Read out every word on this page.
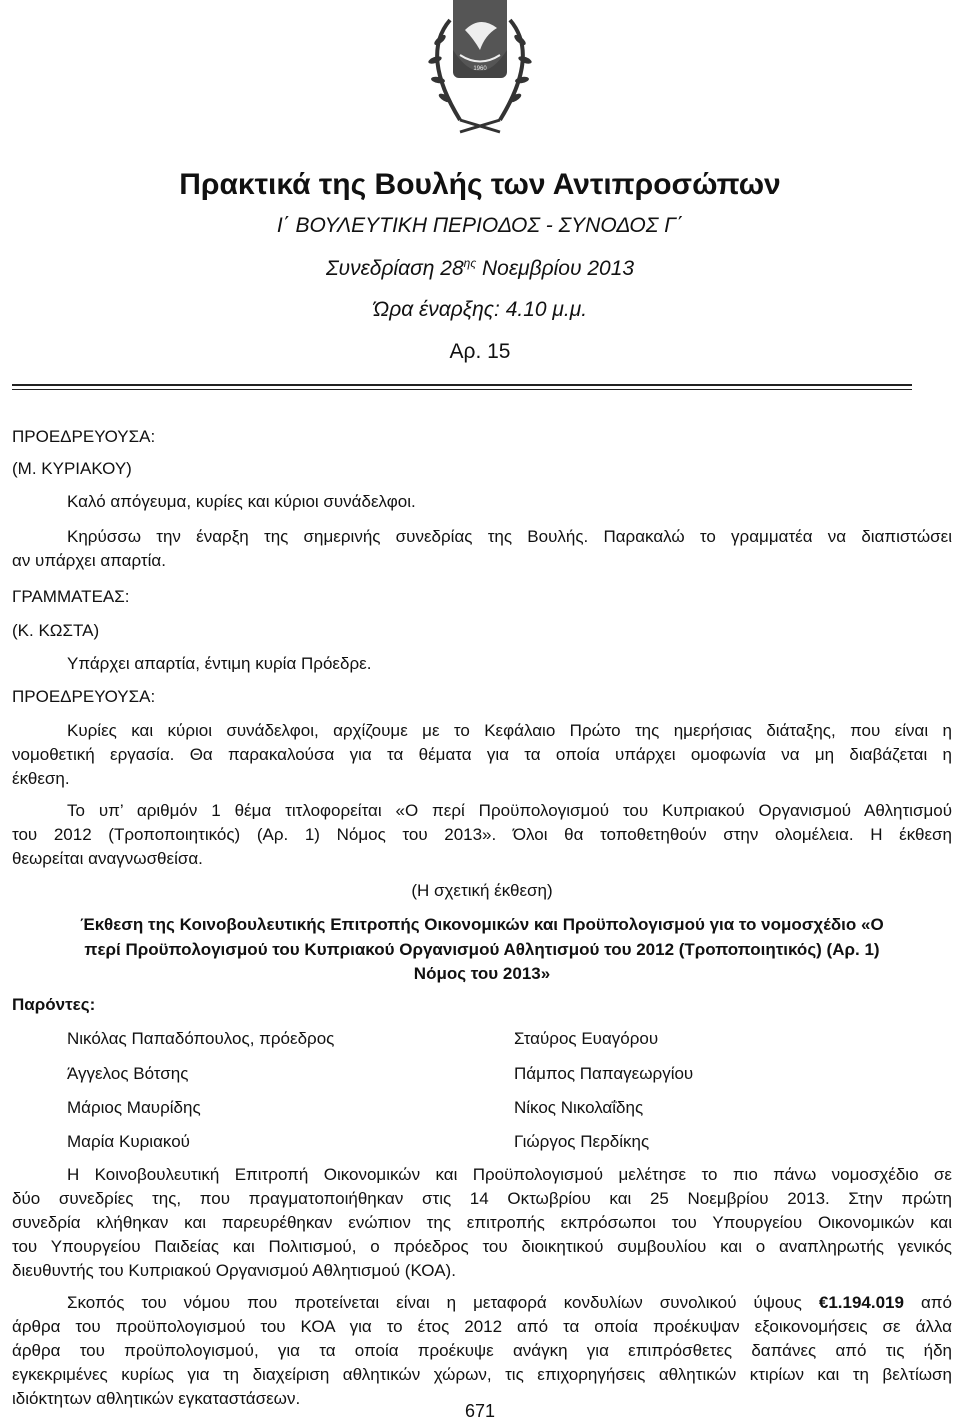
1960
Πρακτικά της Βουλής των Αντιπροσώπων
Ι΄ ΒΟΥΛΕΥΤΙΚΗ ΠΕΡΙΟΔΟΣ - ΣΥΝΟΔΟΣ Γ΄
Συνεδρίαση $28^{\eta\varsigma}$ Νοεμβρίου 2013
Ώρα έναρξης: 4.10 μ.μ.
Αρ. 15
ΠΡΟΕΔΡΕΥΟΥΣΑ:
(Μ. ΚΥΡΙΑΚΟΥ)
Καλό απόγευμα, κυρίες και κύριοι συνάδελφοι.
Κηρύσσω την έναρξη της σημερινής συνεδρίας της Βουλής. Παρακαλώ το γραμματέα να διαπιστώσει
αν υπάρχει απαρτία.
ΓΡΑΜΜΑΤΕΑΣ:
(Κ. ΚΩΣΤΑ)
Υπάρχει απαρτία, έντιμη κυρία Πρόεδρε.
ΠΡΟΕΔΡΕΥΟΥΣΑ:
Κυρίες και κύριοι συνάδελφοι, αρχίζουμε με το Κεφάλαιο Πρώτο της ημερήσιας διάταξης, που είναι η
νομοθετική εργασία. Θα παρακαλούσα για τα θέματα για τα οποία υπάρχει ομοφωνία να μη διαβάζεται η
έκθεση.
Το υπ’ αριθμόν 1 θέμα τιτλοφορείται «Ο περί Προϋπολογισμού του Κυπριακού Οργανισμού Αθλητισμού
του 2012 (Τροποποιητικός) (Αρ. 1) Νόμος του 2013». Όλοι θα τοποθετηθούν στην ολομέλεια. Η έκθεση
θεωρείται αναγνωσθείσα.
(Η σχετική έκθεση)
Έκθεση της Κοινοβουλευτικής Επιτροπής Οικονομικών και Προϋπολογισμού για το νομοσχέδιο «Ο
περί Προϋπολογισμού του Κυπριακού Οργανισμού Αθλητισμού του 2012 (Τροποποιητικός) (Αρ. 1)
Νόμος του 2013»
Παρόντες:
Νικόλας Παπαδόπουλος, πρόεδρος	Σταύρος Ευαγόρου
Άγγελος Βότσης	Πάμπος Παπαγεωργίου
Μάριος Μαυρίδης	Νίκος Νικολαΐδης
Μαρία Κυριακού	Γιώργος Περδίκης
Η Κοινοβουλευτική Επιτροπή Οικονομικών και Προϋπολογισμού μελέτησε το πιο πάνω νομοσχέδιο σε
δύο συνεδρίες της, που πραγματοποιήθηκαν στις 14 Οκτωβρίου και 25 Νοεμβρίου 2013. Στην πρώτη
συνεδρία κλήθηκαν και παρευρέθηκαν ενώπιον της επιτροπής εκπρόσωποι του Υπουργείου Οικονομικών και
του Υπουργείου Παιδείας και Πολιτισμού, ο πρόεδρος του διοικητικού συμβουλίου και ο αναπληρωτής γενικός
διευθυντής του Κυπριακού Οργανισμού Αθλητισμού (ΚΟΑ).
Σκοπός του νόμου που προτείνεται είναι η μεταφορά κονδυλίων συνολικού ύψους €1.194.019 από
άρθρα του προϋπολογισμού του ΚΟΑ για το έτος 2012 από τα οποία προέκυψαν εξοικονομήσεις σε άλλα
άρθρα του προϋπολογισμού, για τα οποία προέκυψε ανάγκη για επιπρόσθετες δαπάνες από τις ήδη
εγκεκριμένες κυρίως για τη διαχείριση αθλητικών χώρων, τις επιχορηγήσεις αθλητικών κτιρίων και τη βελτίωση
ιδιόκτητων αθλητικών εγκαταστάσεων.
671
